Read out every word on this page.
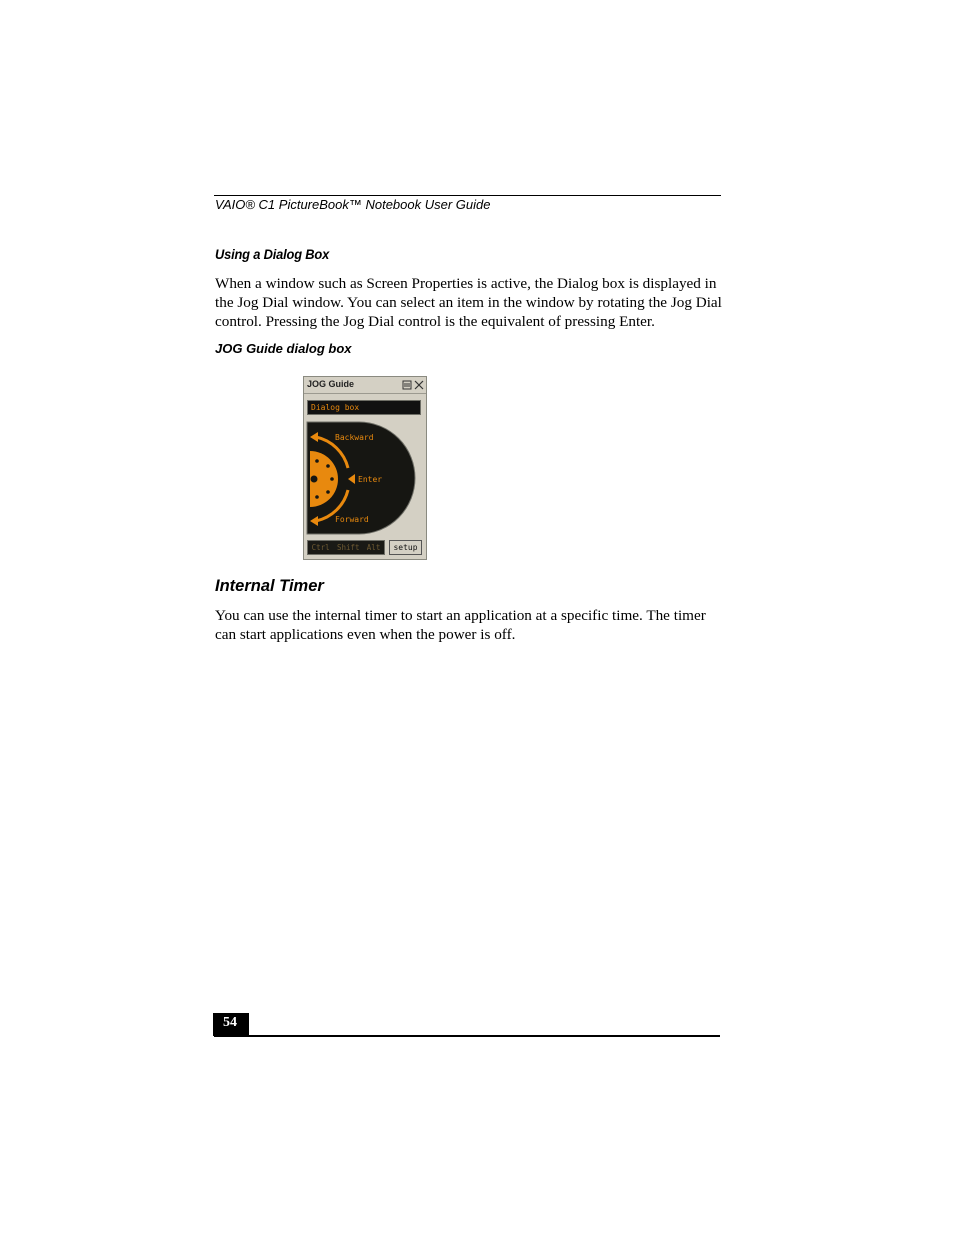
VAIO® C1 PictureBook™ Notebook User Guide
Using a Dialog Box
When a window such as Screen Properties is active, the Dialog box is displayed in the Jog Dial window. You can select an item in the window by rotating the Jog Dial control. Pressing the Jog Dial control is the equivalent of pressing Enter.
JOG Guide dialog box
JOG Guide
Dialog box
Backward
Enter
Forward
Ctrl Shift Alt	setup
Internal Timer
You can use the internal timer to start an application at a specific time. The timer can start applications even when the power is off.
54
